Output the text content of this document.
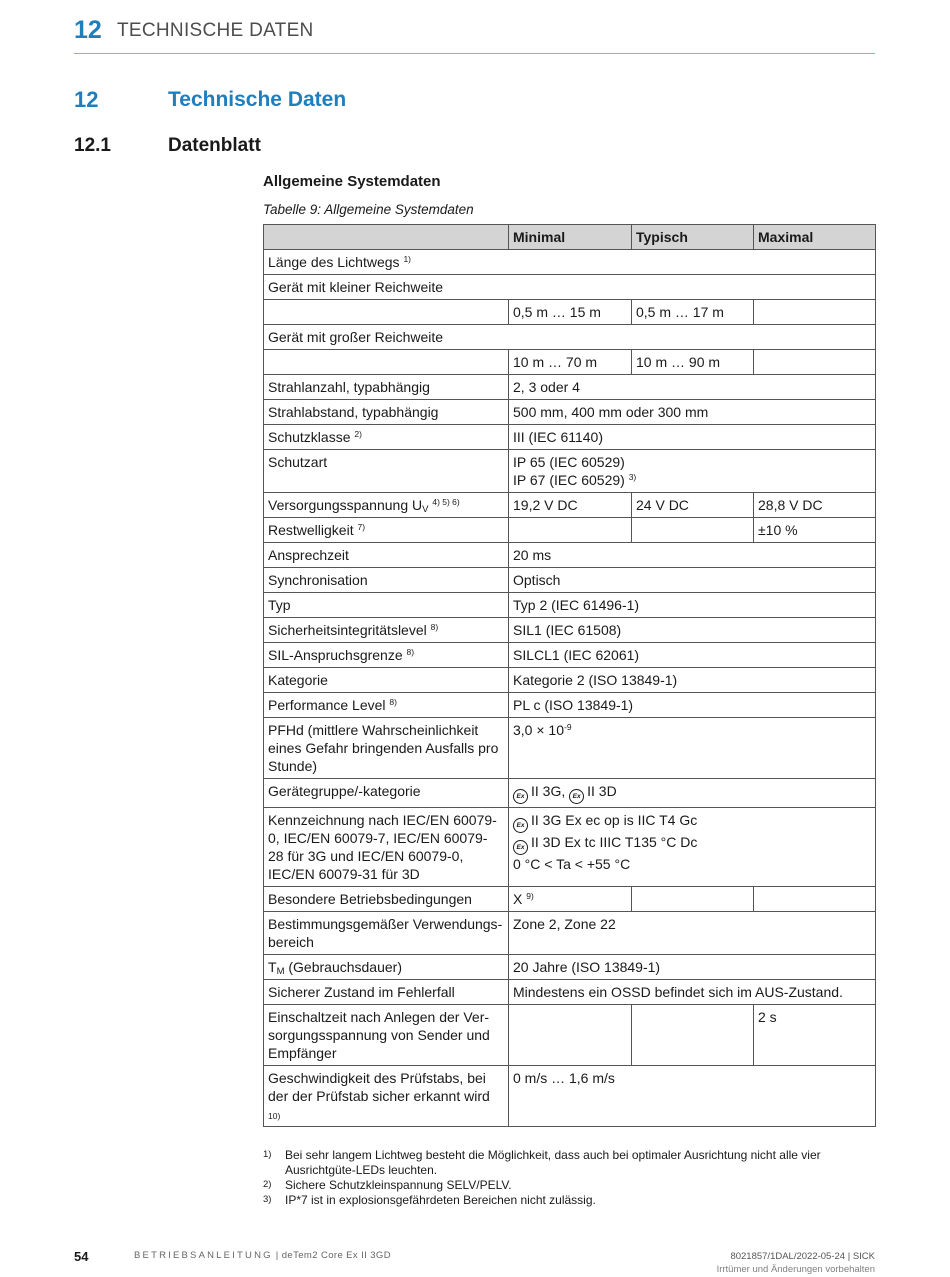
12 TECHNISCHE DATEN
12	Technische Daten
12.1	Datenblatt
Allgemeine Systemdaten
Tabelle 9: Allgemeine Systemdaten
	Minimal	Typisch	Maximal
Länge des Lichtwegs $^{1)}$
Gerät mit kleiner Reichweite			
	0,5 m … 15 m	0,5 m … 17 m	
Gerät mit großer Reichweite			
	10 m … 70 m	10 m … 90 m	
Strahlanzahl, typabhängig	2, 3 oder 4		
Strahlabstand, typabhängig	500 mm, 400 mm oder 300 mm		
Schutzklasse $^{2)}$	III (IEC 61140)		
Schutzart	IP 65 (IEC 60529)
IP 67 (IEC 60529) $^{3)}$
Versorgungsspannung $U_V$ $^{4) 5) 6)}$	19,2 V DC	24 V DC	28,8 V DC
Restwelligkeit $^{7)}$			±10 %
Ansprechzeit	20 ms		
Synchronisation	Optisch		
Typ	Typ 2 (IEC 61496-1)		
Sicherheitsintegritätslevel $^{8)}$	SIL1 (IEC 61508)		
SIL-Anspruchsgrenze $^{8)}$	SILCL1 (IEC 62061)		
Kategorie	Kategorie 2 (ISO 13849-1)		
Performance Level $^{8)}$	PL c (ISO 13849-1)		
PFHd (mittlere Wahrscheinlichkeit eines Gefahr bringenden Ausfalls pro Stunde)	$3,0 \times 10^{-9}$
Gerätegruppe/-kategorie	Ex II 3G, Ex II 3D		
Kennzeichnung nach IEC/EN 60079-0, IEC/EN 60079-7, IEC/EN 60079-28 für 3G und IEC/EN 60079-0, IEC/EN 60079-31 für 3D	Ex II 3G Ex ec op is IIC T4 Gc
Ex II 3D Ex tc IIIC T135 °C Dc
0 °C < Ta < +55 °C		
Besondere Betriebsbedingungen	X $^{9)}$		
Bestimmungsgemäßer Verwendungsbereich	Zone 2, Zone 22		
$T_M$ (Gebrauchsdauer)	20 Jahre (ISO 13849-1)		
Sicherer Zustand im Fehlerfall	Mindestens ein OSSD befindet sich im AUS-Zustand.		
Einschaltzeit nach Anlegen der Versorgungsspannung von Sender und Empfänger			2 s
Geschwindigkeit des Prüfstabs, bei der der Prüfstab sicher erkannt wird
10)	0 m/s … 1,6 m/s		
1)	Bei sehr langem Lichtweg besteht die Möglichkeit, dass auch bei optimaler Ausrichtung nicht alle vier Ausrichtgüte-LEDs leuchten.
2)	Sichere Schutzkleinspannung SELV/PELV.
3)	IP*7 ist in explosionsgefährdeten Bereichen nicht zulässig.
54	BETRIEBSANLEITUNG | deTem2 Core Ex II 3GD	8021857/1DAL/2022-05-24 | SICK
Irrtümer und Änderungen vorbehalten
